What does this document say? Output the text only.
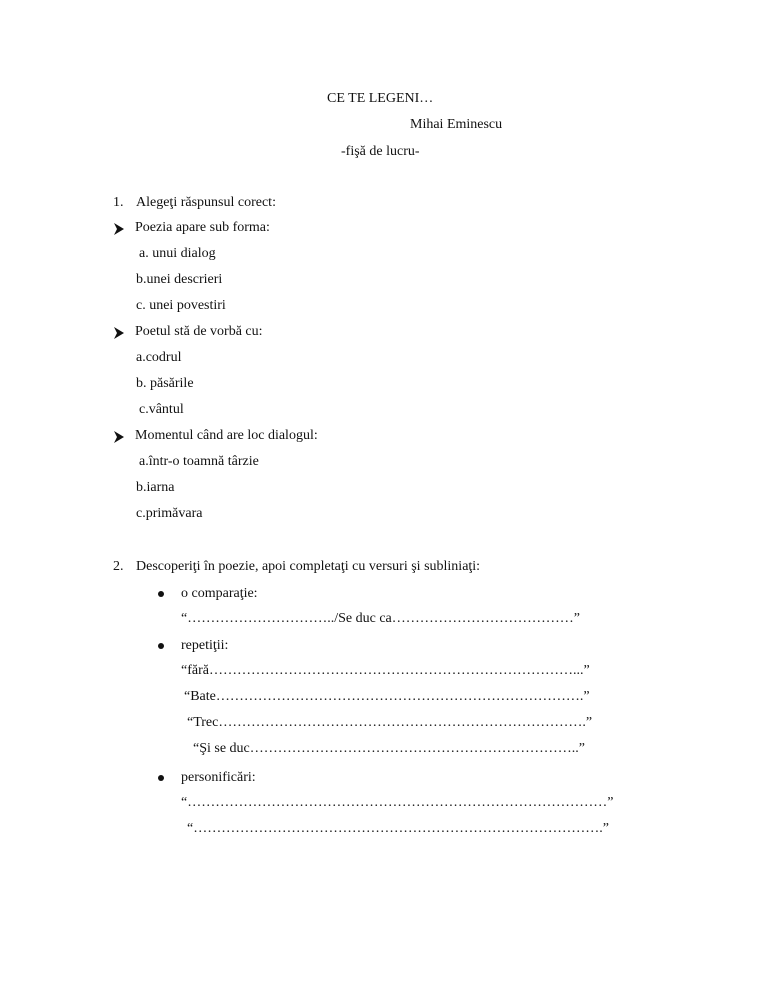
CE TE LEGENI…
Mihai Eminescu
-fişă de lucru-
1. Alegeţi răspunsul corect:
Poezia apare sub forma:
a. unui dialog
b.unei descrieri
c. unei povestiri
Poetul stă de vorbă cu:
a.codrul
b. păsările
c.vântul
Momentul când are loc dialogul:
a.într-o toamnă târzie
b.iarna
c.primăvara
2. Descoperiţi în poezie, apoi completaţi cu versuri şi subliniaţi:
o comparaţie:
“…………………………../Se duc ca…………………………………”
repetiţii:
“fără……………………………………………………………………...”
“Bate…………………………………………………………………….”
“Trec…………………………………………………………………….”
“Şi se duc……………………………………………………………..”
personificări:
“………………………………………………………………………………”
“…………………………………………………………………………….”
